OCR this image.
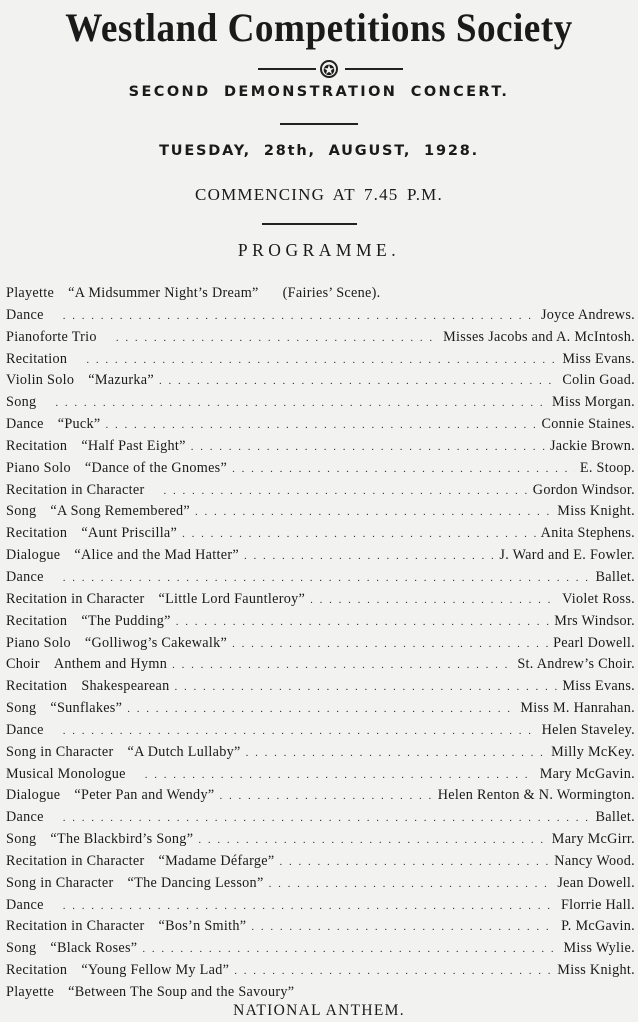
Westland Competitions Society
✪
SECOND DEMONSTRATION CONCERT.
TUESDAY, 28th, AUGUST, 1928.
COMMENCING AT 7.45 P.M.
PROGRAMME.
Playette “A Midsummer Night’s Dream” (Fairies’ Scene).
Dance . . .	Joyce Andrews.
Pianoforte Trio . . .	Misses Jacobs and A. McIntosh.
Recitation . . .	Miss Evans.
Violin Solo “Mazurka” . . .	Colin Goad.
Song . . .	Miss Morgan.
Dance “Puck” . . .	Connie Staines.
Recitation “Half Past Eight” . . .	Jackie Brown.
Piano Solo “Dance of the Gnomes” . . .	E. Stoop.
Recitation in Character . . .	Gordon Windsor.
Song “A Song Remembered” . . .	Miss Knight.
Recitation “Aunt Priscilla” . . .	Anita Stephens.
Dialogue “Alice and the Mad Hatter” . . .	J. Ward and E. Fowler.
Dance . . .	Ballet.
Recitation in Character “Little Lord Fauntleroy” . . .	Violet Ross.
Recitation “The Pudding” . . .	Mrs Windsor.
Piano Solo “Golliwog’s Cakewalk” . . .	Pearl Dowell.
Choir Anthem and Hymn . . .	St. Andrew’s Choir.
Recitation Shakespearean . . .	Miss Evans.
Song “Sunflakes” . . .	Miss M. Hanrahan.
Dance . . .	Helen Staveley.
Song in Character “A Dutch Lullaby” . . .	Milly McKey.
Musical Monologue . . .	Mary McGavin.
Dialogue “Peter Pan and Wendy” . . .	Helen Renton & N. Wormington.
Dance . . .	Ballet.
Song “The Blackbird’s Song” . . .	Mary McGirr.
Recitation in Character “Madame Défarge” . . .	Nancy Wood.
Song in Character “The Dancing Lesson” . . .	Jean Dowell.
Dance . . .	Florrie Hall.
Recitation in Character “Bos’n Smith” . . .	P. McGavin.
Song “Black Roses” . . .	Miss Wylie.
Recitation “Young Fellow My Lad” . . .	Miss Knight.
Playette “Between The Soup and the Savoury”
NATIONAL ANTHEM.
